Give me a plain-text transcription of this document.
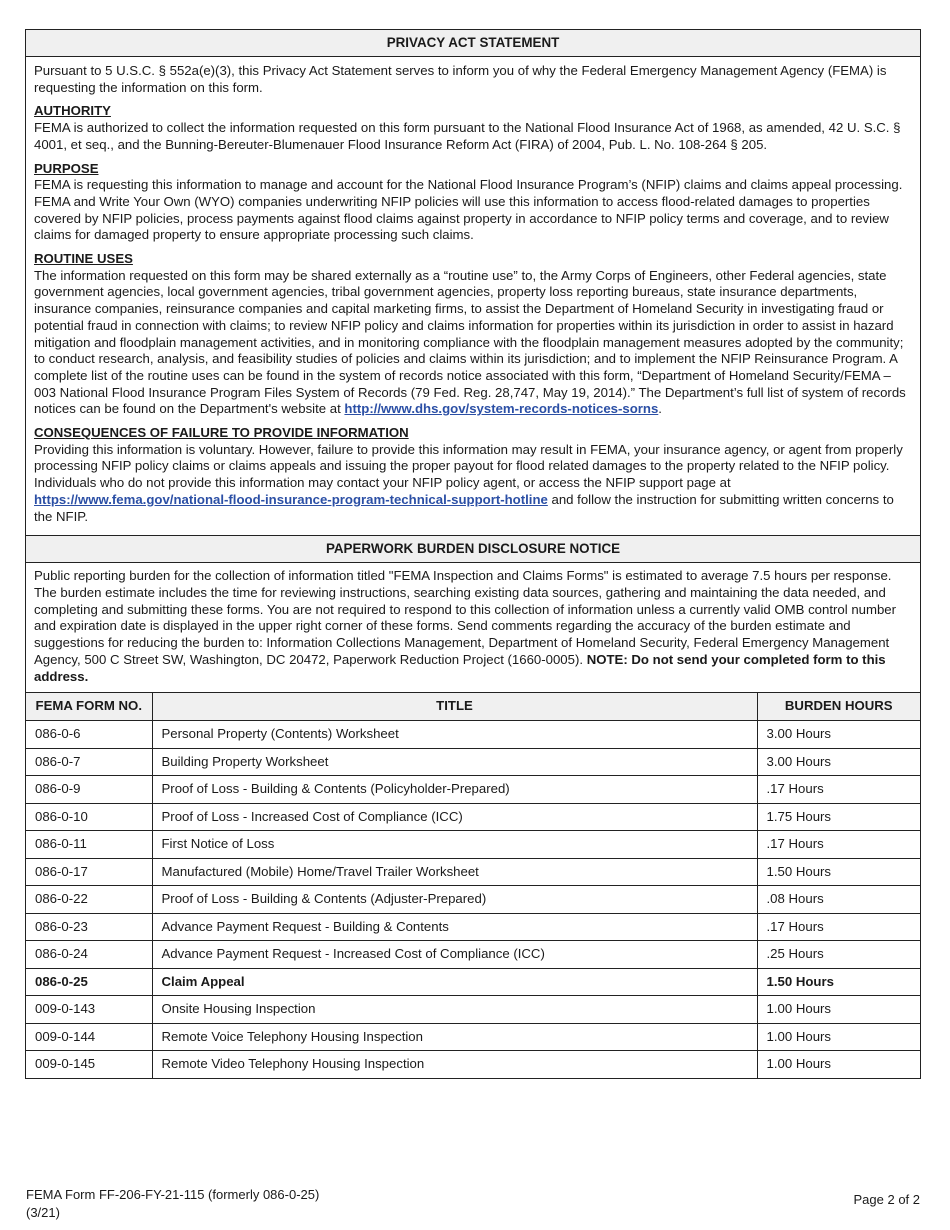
PRIVACY ACT STATEMENT

Pursuant to 5 U.S.C. § 552a(e)(3), this Privacy Act Statement serves to inform you of why the Federal Emergency Management Agency (FEMA) is requesting the information on this form.

AUTHORITY

FEMA is authorized to collect the information requested on this form pursuant to the National Flood Insurance Act of 1968, as amended, 42 U. S.C. § 4001, et seq., and the Bunning-Bereuter-Blumenauer Flood Insurance Reform Act (FIRA) of 2004, Pub. L. No. 108-264 § 205.

PURPOSE

FEMA is requesting this information to manage and account for the National Flood Insurance Program’s (NFIP) claims and claims appeal processing. FEMA and Write Your Own (WYO) companies underwriting NFIP policies will use this information to access flood-related damages to properties covered by NFIP policies, process payments against flood claims against property in accordance to NFIP policy terms and coverage, and to review claims for damaged property to ensure appropriate processing such claims.

ROUTINE USES

The information requested on this form may be shared externally as a “routine use” to, the Army Corps of Engineers, other Federal agencies, state government agencies, local government agencies, tribal government agencies, property loss reporting bureaus, state insurance departments, insurance companies, reinsurance companies and capital marketing firms, to assist the Department of Homeland Security in investigating fraud or potential fraud in connection with claims; to review NFIP policy and claims information for properties within its jurisdiction in order to assist in hazard mitigation and floodplain management activities, and in monitoring compliance with the floodplain management measures adopted by the community; to conduct research, analysis, and feasibility studies of policies and claims within its jurisdiction; and to implement the NFIP Reinsurance Program. A complete list of the routine uses can be found in the system of records notice associated with this form, “Department of Homeland Security/FEMA – 003 National Flood Insurance Program Files System of Records (79 Fed. Reg. 28,747, May 19, 2014).” The Department’s full list of system of records notices can be found on the Department's website at http://www.dhs.gov/system-records-notices-sorns.

CONSEQUENCES OF FAILURE TO PROVIDE INFORMATION

Providing this information is voluntary. However, failure to provide this information may result in FEMA, your insurance agency, or agent from properly processing NFIP policy claims or claims appeals and issuing the proper payout for flood related damages to the property related to the NFIP policy. Individuals who do not provide this information may contact your NFIP policy agent, or access the NFIP support page at https://www.fema.gov/national-flood-insurance-program-technical-support-hotline and follow the instruction for submitting written concerns to the NFIP.

PAPERWORK BURDEN DISCLOSURE NOTICE
Public reporting burden for the collection of information titled "FEMA Inspection and Claims Forms" is estimated to average 7.5 hours per response. The burden estimate includes the time for reviewing instructions, searching existing data sources, gathering and maintaining the data needed, and completing and submitting these forms. You are not required to respond to this collection of information unless a currently valid OMB control number and expiration date is displayed in the upper right corner of these forms. Send comments regarding the accuracy of the burden estimate and suggestions for reducing the burden to: Information Collections Management, Department of Homeland Security, Federal Emergency Management Agency, 500 C Street SW, Washington, DC 20472, Paperwork Reduction Project (1660-0005). NOTE: Do not send your completed form to this address.
FEMA FORM NO.	TITLE	BURDEN HOURS
086-0-6	Personal Property (Contents) Worksheet	3.00 Hours
086-0-7	Building Property Worksheet	3.00 Hours
086-0-9	Proof of Loss - Building & Contents (Policyholder-Prepared)	.17 Hours
086-0-10	Proof of Loss - Increased Cost of Compliance (ICC)	1.75 Hours
086-0-11	First Notice of Loss	.17 Hours
086-0-17	Manufactured (Mobile) Home/Travel Trailer Worksheet	1.50 Hours
086-0-22	Proof of Loss - Building & Contents (Adjuster-Prepared)	.08 Hours
086-0-23	Advance Payment Request - Building & Contents	.17 Hours
086-0-24	Advance Payment Request - Increased Cost of Compliance (ICC)	.25 Hours
086-0-25	Claim Appeal	1.50 Hours
009-0-143	Onsite Housing Inspection	1.00 Hours
009-0-144	Remote Voice Telephony Housing Inspection	1.00 Hours
009-0-145	Remote Video Telephony Housing Inspection	1.00 Hours
FEMA Form FF-206-FY-21-115 (formerly 086-0-25)
(3/21)
Page 2 of 2
